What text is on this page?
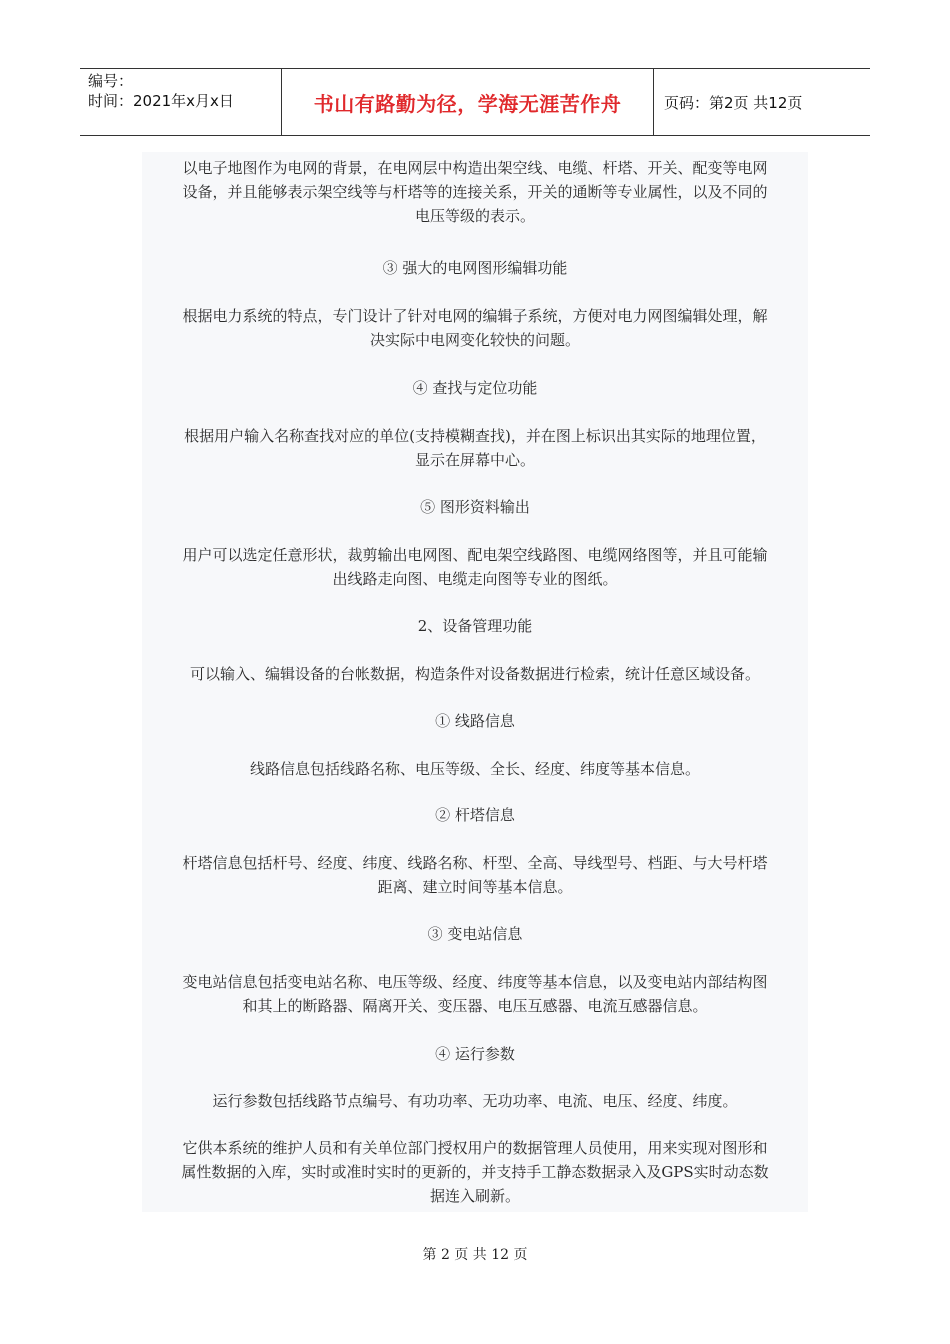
编号：
时间：2021年x月x日	书山有路勤为径，学海无涯苦作舟	页码：第2页 共12页
以电子地图作为电网的背景，在电网层中构造出架空线、电缆、杆塔、开关、配变等电网
设备，并且能够表示架空线等与杆塔等的连接关系，开关的通断等专业属性，以及不同的
电压等级的表示。
③ 强大的电网图形编辑功能
根据电力系统的特点，专门设计了针对电网的编辑子系统，方便对电力网图编辑处理，解
决实际中电网变化较快的问题。
④ 查找与定位功能
根据用户输入名称查找对应的单位(支持模糊查找)，并在图上标识出其实际的地理位置，
显示在屏幕中心。
⑤ 图形资料输出
用户可以选定任意形状，裁剪输出电网图、配电架空线路图、电缆网络图等，并且可能输
出线路走向图、电缆走向图等专业的图纸。
2、设备管理功能
可以输入、编辑设备的台帐数据，构造条件对设备数据进行检索，统计任意区域设备。
① 线路信息
线路信息包括线路名称、电压等级、全长、经度、纬度等基本信息。
② 杆塔信息
杆塔信息包括杆号、经度、纬度、线路名称、杆型、全高、导线型号、档距、与大号杆塔
距离、建立时间等基本信息。
③ 变电站信息
变电站信息包括变电站名称、电压等级、经度、纬度等基本信息，以及变电站内部结构图
和其上的断路器、隔离开关、变压器、电压互感器、电流互感器信息。
④ 运行参数
运行参数包括线路节点编号、有功功率、无功功率、电流、电压、经度、纬度。
它供本系统的维护人员和有关单位部门授权用户的数据管理人员使用，用来实现对图形和
属性数据的入库，实时或准时实时的更新的，并支持手工静态数据录入及GPS实时动态数
据连入刷新。
第 2 页 共 12 页
